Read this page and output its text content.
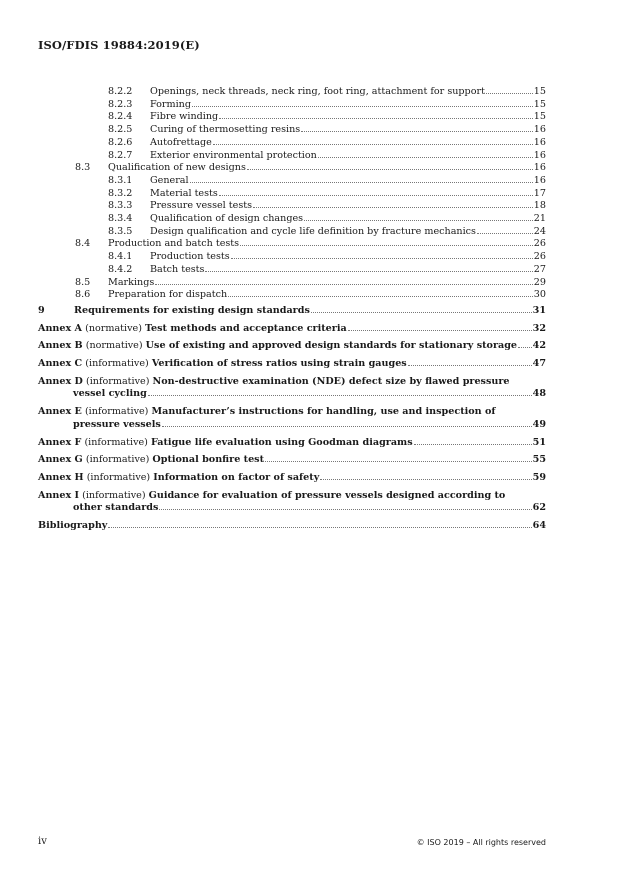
ISO/FDIS 19884:2019(E)
8.2.2	Openings, neck threads, neck ring, foot ring, attachment for support	15
8.2.3	Forming	15
8.2.4	Fibre winding	15
8.2.5	Curing of thermosetting resins	16
8.2.6	Autofrettage	16
8.2.7	Exterior environmental protection	16
8.3	Qualification of new designs	16
8.3.1	General	16
8.3.2	Material tests	17
8.3.3	Pressure vessel tests	18
8.3.4	Qualification of design changes	21
8.3.5	Design qualification and cycle life definition by fracture mechanics	24
8.4	Production and batch tests	26
8.4.1	Production tests	26
8.4.2	Batch tests	27
8.5	Markings	29
8.6	Preparation for dispatch	30
9	Requirements for existing design standards	31
Annex A
(normative)
Test methods and acceptance criteria	32
Annex B
(normative)
Use of existing and approved design standards for stationary storage 42
Annex C
(informative)
Verification of stress ratios using strain gauges	47
Annex D (informative) Non-destructive examination (NDE) defect size by flawed pressure
vessel cycling	48
Annex E (informative) Manufacturer’s instructions for handling, use and inspection of
pressure vessels	49
Annex F
(informative)
Fatigue life evaluation using Goodman diagrams	51
Annex G
(informative)
Optional bonfire test	55
Annex H
(informative)
Information on factor of safety	59
Annex I (informative) Guidance for evaluation of pressure vessels designed according to
other standards	62
Bibliography	64
iv	© ISO 2019 – All rights reserved
